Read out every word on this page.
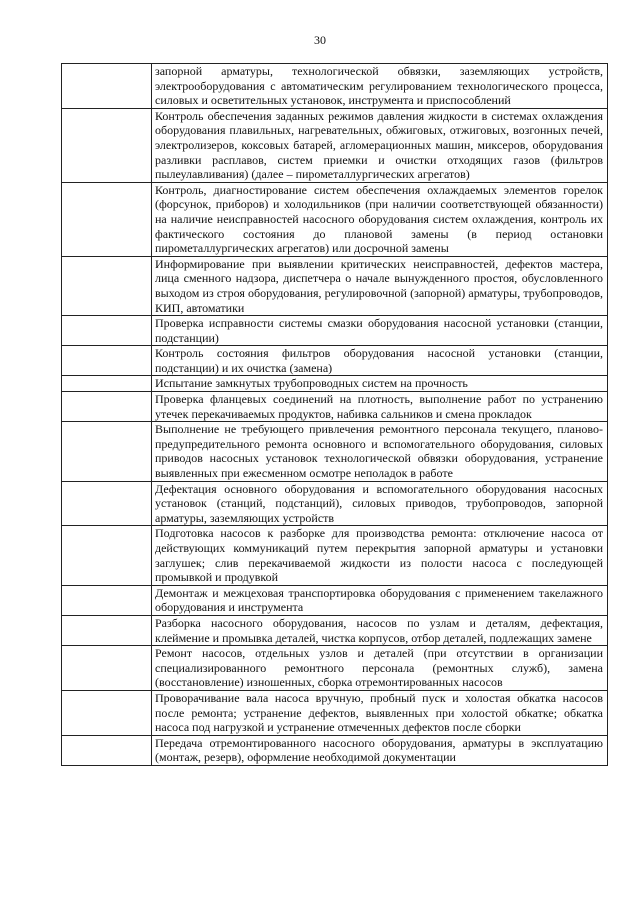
30
	запорной арматуры, технологической обвязки, заземляющих устройств, электрооборудования с автоматическим регулированием технологического процесса, силовых и осветительных установок, инструмента и приспособлений
	Контроль обеспечения заданных режимов давления жидкости в системах охлаждения оборудования плавильных, нагревательных, обжиговых, отжиговых, возгонных печей, электролизеров, коксовых батарей, агломерационных машин, миксеров, оборудования разливки расплавов, систем приемки и очистки отходящих газов (фильтров пылеулавливания) (далее – пирометаллургических агрегатов)
	Контроль, диагностирование систем обеспечения охлаждаемых элементов горелок (форсунок, приборов) и холодильников (при наличии соответствующей обязанности) на наличие неисправностей насосного оборудования систем охлаждения, контроль их фактического состояния до плановой замены (в период остановки пирометаллургических агрегатов) или досрочной замены
	Информирование при выявлении критических неисправностей, дефектов мастера, лица сменного надзора, диспетчера о начале вынужденного простоя, обусловленного выходом из строя оборудования, регулировочной (запорной) арматуры, трубопроводов, КИП, автоматики
	Проверка исправности системы смазки оборудования насосной установки (станции, подстанции)
	Контроль состояния фильтров оборудования насосной установки (станции, подстанции) и их очистка (замена)
	Испытание замкнутых трубопроводных систем на прочность
	Проверка фланцевых соединений на плотность, выполнение работ по устранению утечек перекачиваемых продуктов, набивка сальников и смена прокладок
	Выполнение не требующего привлечения ремонтного персонала текущего, планово-предупредительного ремонта основного и вспомогательного оборудования, силовых приводов насосных установок технологической обвязки оборудования, устранение выявленных при ежесменном осмотре неполадок в работе
	Дефектация основного оборудования и вспомогательного оборудования насосных установок (станций, подстанций), силовых приводов, трубопроводов, запорной арматуры, заземляющих устройств
	Подготовка насосов к разборке для производства ремонта: отключение насоса от действующих коммуникаций путем перекрытия запорной арматуры и установки заглушек; слив перекачиваемой жидкости из полости насоса с последующей промывкой и продувкой
	Демонтаж и межцеховая транспортировка оборудования с применением такелажного оборудования и инструмента
	Разборка насосного оборудования, насосов по узлам и деталям, дефектация, клеймение и промывка деталей, чистка корпусов, отбор деталей, подлежащих замене
	Ремонт насосов, отдельных узлов и деталей (при отсутствии в организации специализированного ремонтного персонала (ремонтных служб), замена (восстановление) изношенных, сборка отремонтированных насосов
	Проворачивание вала насоса вручную, пробный пуск и холостая обкатка насосов после ремонта; устранение дефектов, выявленных при холостой обкатке; обкатка насоса под нагрузкой и устранение отмеченных дефектов после сборки
	Передача отремонтированного насосного оборудования, арматуры в эксплуатацию (монтаж, резерв), оформление необходимой документации
